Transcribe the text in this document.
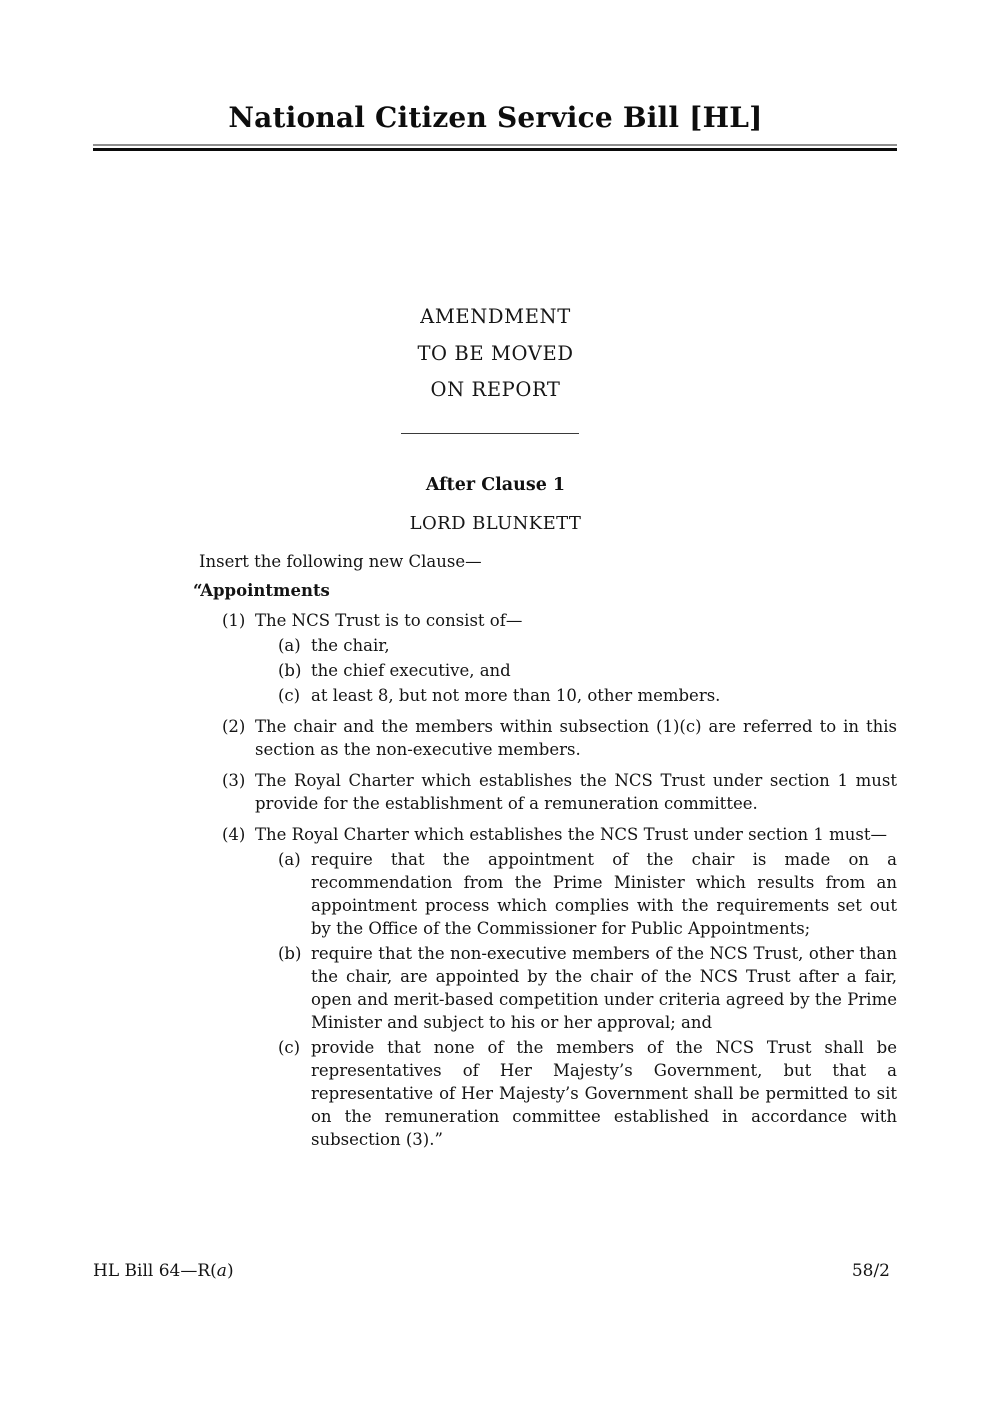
National Citizen Service Bill [HL]
AMENDMENT
TO BE MOVED
ON REPORT
After Clause 1
LORD BLUNKETT

Insert the following new Clause—

“Appointments

(1) The NCS Trust is to consist of—
(a) the chair,
(b) the chief executive, and
(c) at least 8, but not more than 10, other members.
(2) The chair and the members within subsection (1)(c) are referred to in this section as the non-executive members.
(3) The Royal Charter which establishes the NCS Trust under section 1 must provide for the establishment of a remuneration committee.
(4) The Royal Charter which establishes the NCS Trust under section 1 must—
(a) require that the appointment of the chair is made on a recommendation from the Prime Minister which results from an appointment process which complies with the requirements set out by the Office of the Commissioner for Public Appointments;
(b) require that the non-executive members of the NCS Trust, other than the chair, are appointed by the chair of the NCS Trust after a fair, open and merit-based competition under criteria agreed by the Prime Minister and subject to his or her approval; and
(c) provide that none of the members of the NCS Trust shall be representatives of Her Majesty’s Government, but that a representative of Her Majesty’s Government shall be permitted to sit on the remuneration committee established in accordance with subsection (3).”
HL Bill 64—R(a)	58/2
